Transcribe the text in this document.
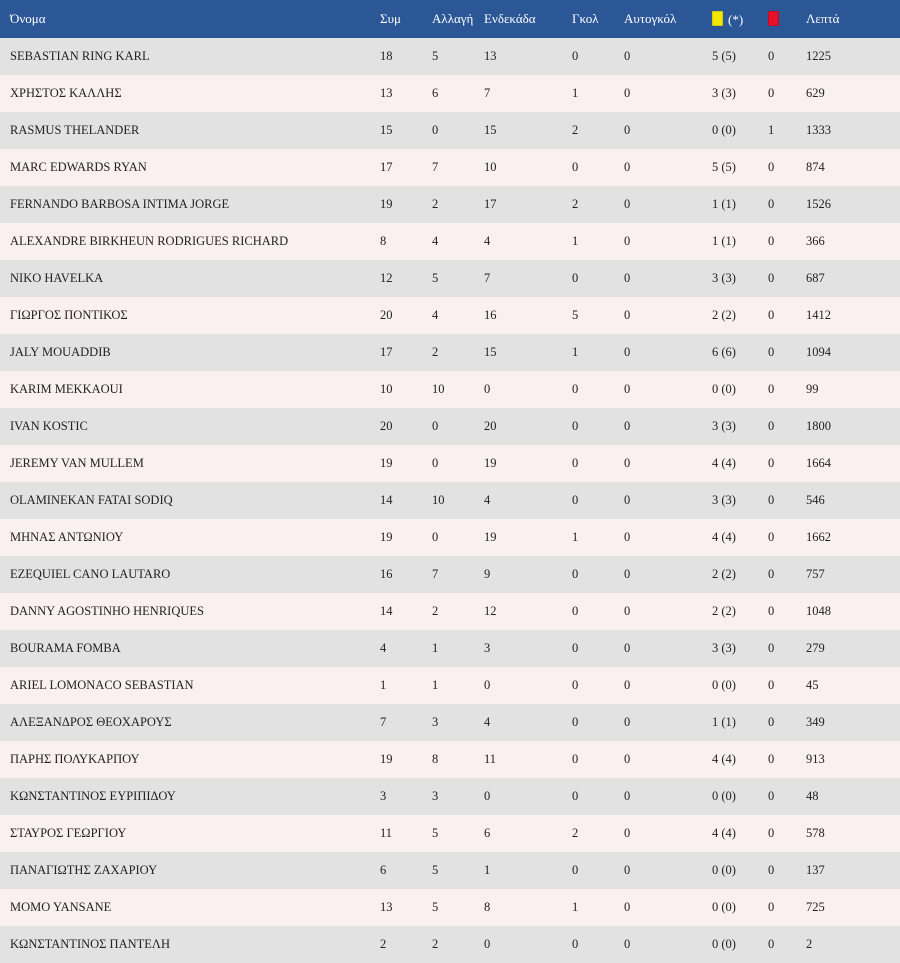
Όνομα	Συμ	Αλλαγή	Ενδεκάδα	Γκολ	Αυτογκόλ	(*)		Λεπτά
SEBASTIAN RING KARL	18	5	13	0	0	5 (5)	0	1225
ΧΡΗΣΤΟΣ ΚΑΛΛΗΣ	13	6	7	1	0	3 (3)	0	629
RASMUS THELANDER	15	0	15	2	0	0 (0)	1	1333
MARC EDWARDS RYAN	17	7	10	0	0	5 (5)	0	874
FERNANDO BARBOSA INTIMA JORGE	19	2	17	2	0	1 (1)	0	1526
ALEXANDRE BIRKHEUN RODRIGUES RICHARD	8	4	4	1	0	1 (1)	0	366
NIKO HAVELKA	12	5	7	0	0	3 (3)	0	687
ΓΙΩΡΓΟΣ ΠΟΝΤΙΚΟΣ	20	4	16	5	0	2 (2)	0	1412
JALY MOUADDIB	17	2	15	1	0	6 (6)	0	1094
KARIM MEKKAOUI	10	10	0	0	0	0 (0)	0	99
IVAN KOSTIC	20	0	20	0	0	3 (3)	0	1800
JEREMY VAN MULLEM	19	0	19	0	0	4 (4)	0	1664
OLAMINEKAN FATAI SODIQ	14	10	4	0	0	3 (3)	0	546
ΜΗΝΑΣ ΑΝΤΩΝΙΟΥ	19	0	19	1	0	4 (4)	0	1662
EZEQUIEL CANO LAUTARO	16	7	9	0	0	2 (2)	0	757
DANNY AGOSTINHO HENRIQUES	14	2	12	0	0	2 (2)	0	1048
BOURAMA FOMBA	4	1	3	0	0	3 (3)	0	279
ARIEL LOMONACO SEBASTIAN	1	1	0	0	0	0 (0)	0	45
ΑΛΕΞΑΝΔΡΟΣ ΘΕΟΧΑΡΟΥΣ	7	3	4	0	0	1 (1)	0	349
ΠΑΡΗΣ ΠΟΛΥΚΑΡΠΟΥ	19	8	11	0	0	4 (4)	0	913
ΚΩΝΣΤΑΝΤΙΝΟΣ ΕΥΡΙΠΙΔΟΥ	3	3	0	0	0	0 (0)	0	48
ΣΤΑΥΡΟΣ ΓΕΩΡΓΙΟΥ	11	5	6	2	0	4 (4)	0	578
ΠΑΝΑΓΙΩΤΗΣ ΖΑΧΑΡΙΟΥ	6	5	1	0	0	0 (0)	0	137
MOMO YANSANE	13	5	8	1	0	0 (0)	0	725
ΚΩΝΣΤΑΝΤΙΝΟΣ ΠΑΝΤΕΛΗ	2	2	0	0	0	0 (0)	0	2
